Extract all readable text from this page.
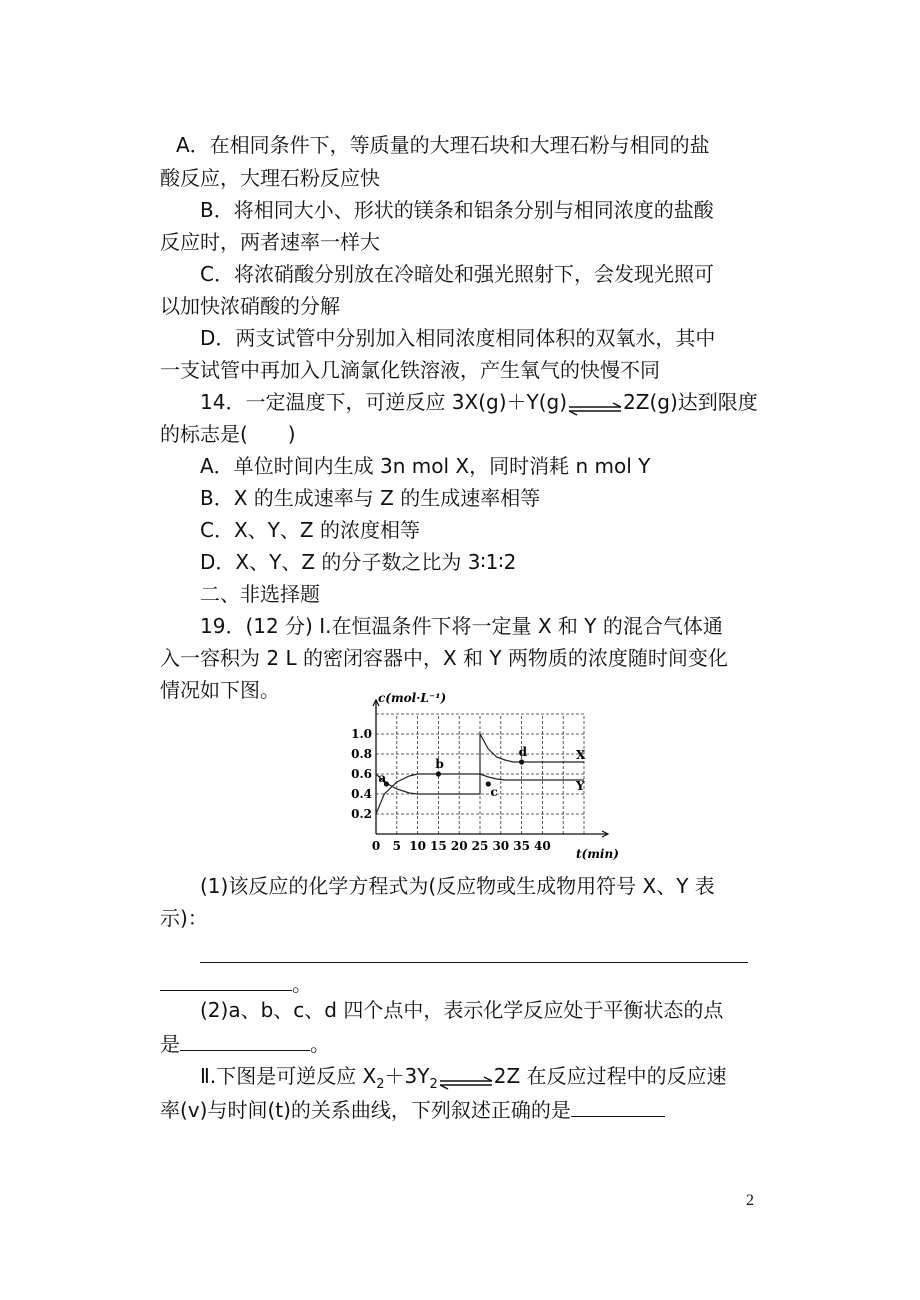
A．在相同条件下，等质量的大理石块和大理石粉与相同的盐
酸反应，大理石粉反应快
B．将相同大小、形状的镁条和铝条分别与相同浓度的盐酸
反应时，两者速率一样大
C．将浓硝酸分别放在冷暗处和强光照射下，会发现光照可
以加快浓硝酸的分解
D．两支试管中分别加入相同浓度相同体积的双氧水，其中
一支试管中再加入几滴氯化铁溶液，产生氧气的快慢不同
14．一定温度下，可逆反应 3X(g)＋Y(g)⇌2Z(g)达到限度
的标志是(　　)
A．单位时间内生成 3n mol X，同时消耗 n mol Y
B．X 的生成速率与 Z 的生成速率相等
C．X、Y、Z 的浓度相等
D．X、Y、Z 的分子数之比为 3∶1∶2
二、非选择题
19．(12 分) Ⅰ.在恒温条件下将一定量 X 和 Y 的混合气体通
入一容积为 2 L 的密闭容器中，X 和 Y 两物质的浓度随时间变化
情况如下图。
0.2
0.4
0.6
0.8
1.0
0 5 10 15 20 25 30 35 40
X
Y
a
b
c
d
c(mol·L⁻¹)
t(min)
(1)该反应的化学方程式为(反应物或生成物用符号 X、Y 表
示)：
。
(2)a、b、c、d 四个点中，表示化学反应处于平衡状态的点
是	。
Ⅱ.下图是可逆反应 $X_2+3Y_2\rightleftharpoons 2Z$ 在反应过程中的反应速
率(v)与时间(t)的关系曲线，下列叙述正确的是
2
